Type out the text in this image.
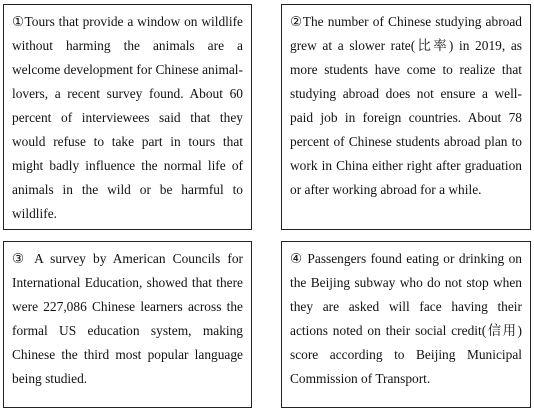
①Tours that provide a window on wildlife without harming the animals are a welcome development for Chinese animal-lovers, a recent survey found. About 60 percent of interviewees said that they would refuse to take part in tours that might badly influence the normal life of animals in the wild or be harmful to wildlife.

②The number of Chinese studying abroad grew at a slower rate(比率) in 2019, as more students have come to realize that studying abroad does not ensure a well-paid job in foreign countries. About 78 percent of Chinese students abroad plan to work in China either right after graduation or after working abroad for a while.

③ A survey by American Councils for International Education, showed that there were 227,086 Chinese learners across the formal US education system, making Chinese the third most popular language being studied.

④ Passengers found eating or drinking on the Beijing subway who do not stop when they are asked will face having their actions noted on their social credit(信用) score according to Beijing Municipal Commission of Transport.
